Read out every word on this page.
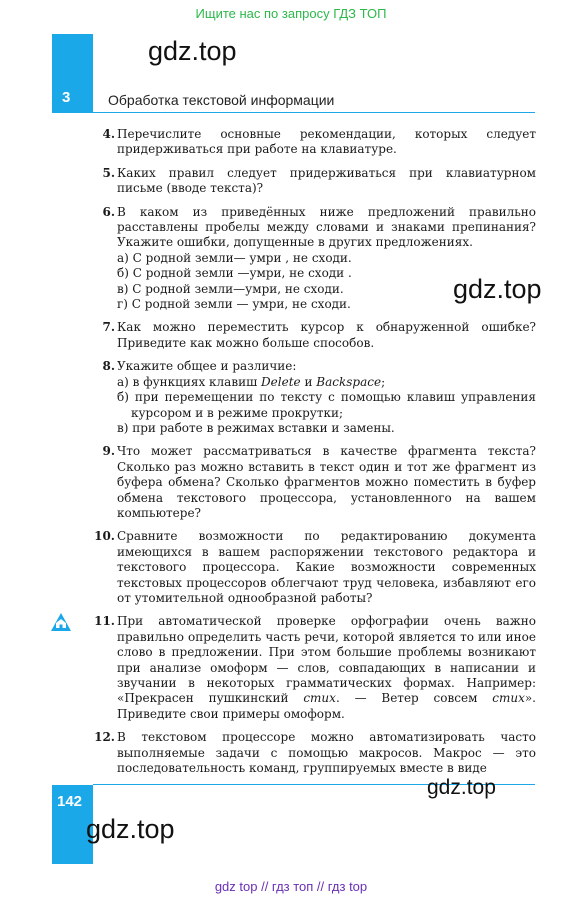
Ищите нас по запросу ГДЗ ТОП
3	Обработка текстовой информации
gdz.top
gdz.top
4. Перечислите основные рекомендации, которых следует придерживаться при работе на клавиатуре.
5. Каких правил следует придерживаться при клавиатурном письме (вводе текста)?
6. В каком из приведённых ниже предложений правильно расставлены пробелы между словами и знаками препинания? Укажите ошибки, допущенные в других предложениях.
а) С родной земли— умри , не сходи.
б) С родной земли —умри, не сходи .
в) С родной земли—умри, не сходи.
г) С родной земли — умри, не сходи.
7. Как можно переместить курсор к обнаруженной ошибке? Приведите как можно больше способов.
8. Укажите общее и различие:
а) в функциях клавиш Delete и Backspace;
б) при перемещении по тексту с помощью клавиш управления курсором и в режиме прокрутки;
в) при работе в режимах вставки и замены.
9. Что может рассматриваться в качестве фрагмента текста? Сколько раз можно вставить в текст один и тот же фрагмент из буфера обмена? Сколько фрагментов можно поместить в буфер обмена текстового процессора, установленного на вашем компьютере?
10. Сравните возможности по редактированию документа имеющихся в вашем распоряжении текстового редактора и текстового процессора. Какие возможности современных текстовых процессоров облегчают труд человека, избавляют его от утомительной однообразной работы?
11. При автоматической проверке орфографии очень важно правильно определить часть речи, которой является то или иное слово в предложении. При этом большие проблемы возникают при анализе омоформ — слов, совпадающих в написании и звучании в некоторых грамматических формах. Например: «Прекрасен пушкинский стих. — Ветер совсем стих». Приведите свои примеры омоформ.
12. В текстовом процессоре можно автоматизировать часто выполняемые задачи с помощью макросов. Макрос — это последовательность команд, группируемых вместе в виде
142
gdz.top
gdz.top
gdz top // гдз топ // гдз top
